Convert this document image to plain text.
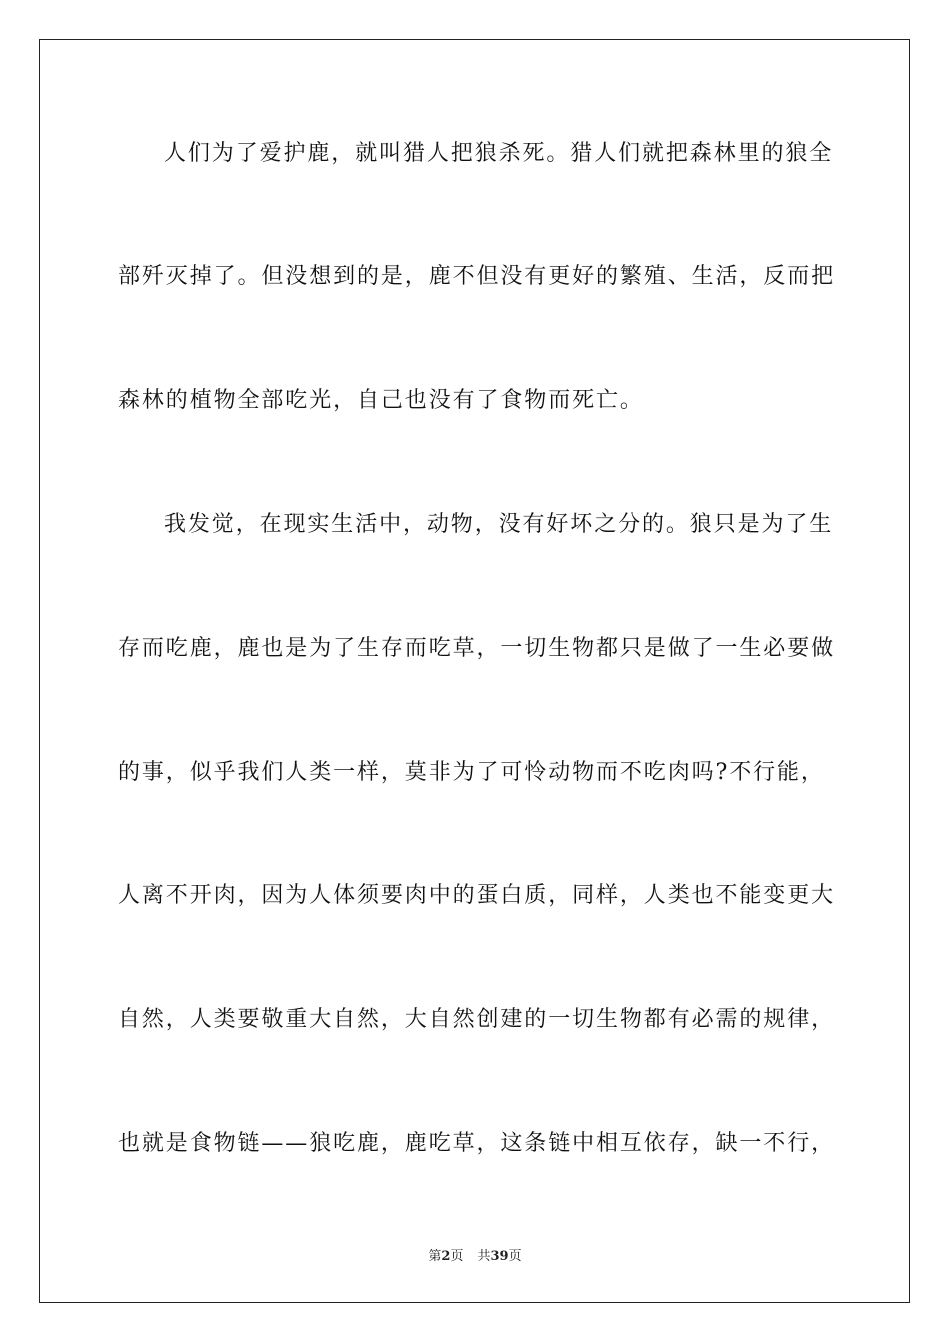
人们为了爱护鹿，就叫猎人把狼杀死。猎人们就把森林里的狼全
部歼灭掉了。但没想到的是，鹿不但没有更好的繁殖、生活，反而把
森林的植物全部吃光，自己也没有了食物而死亡。
我发觉，在现实生活中，动物，没有好坏之分的。狼只是为了生
存而吃鹿，鹿也是为了生存而吃草，一切生物都只是做了一生必要做
的事，似乎我们人类一样，莫非为了可怜动物而不吃肉吗?不行能，
人离不开肉，因为人体须要肉中的蛋白质，同样，人类也不能变更大
自然，人类要敬重大自然，大自然创建的一切生物都有必需的规律，
也就是食物链——狼吃鹿，鹿吃草，这条链中相互依存，缺一不行，
第2页 共39页
